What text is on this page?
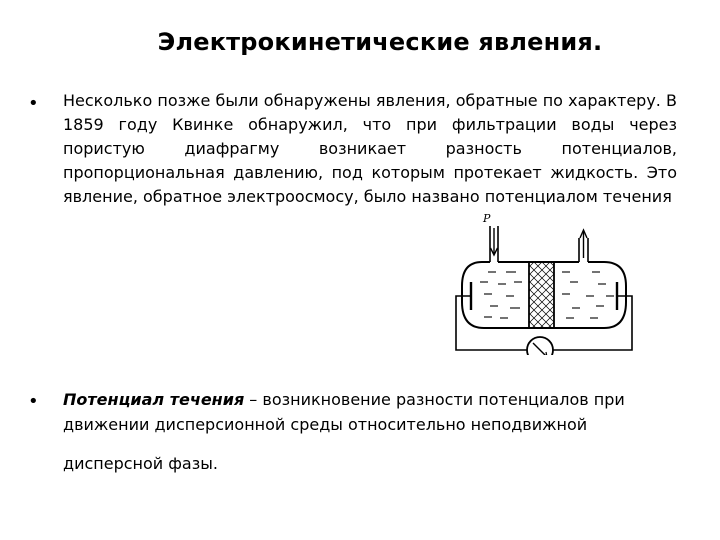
Электрокинетические явления.
• Несколько позже были обнаружены явления, обратные по характеру. В 1859 году Квинке обнаружил, что при фильтрации воды через пористую диафрагму возникает разность потенциалов, пропорциональная давлению, под которым протекает жидкость. Это явление, обратное электроосмосу, было названо потенциалом течения
P
• Потенциал течения – возникновение разности потенциалов при движении дисперсионной среды относительно неподвижной
дисперсной фазы.
